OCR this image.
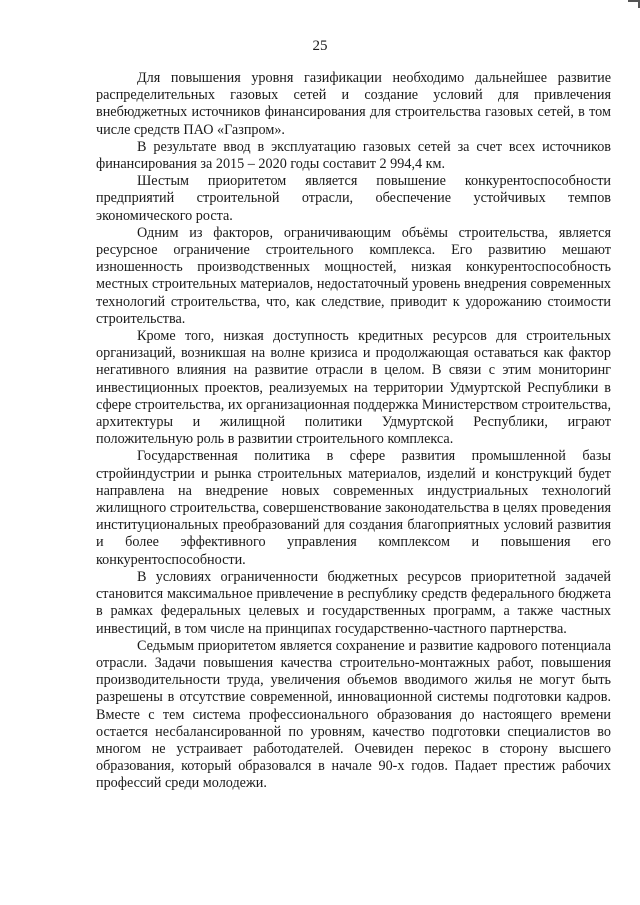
25

Для повышения уровня газификации необходимо дальнейшее развитие распределительных газовых сетей и создание условий для привлечения внебюджетных источников финансирования для строительства газовых сетей, в том числе средств ПАО «Газпром».

В результате ввод в эксплуатацию газовых сетей за счет всех источников финансирования за 2015 – 2020 годы составит 2 994,4 км.

Шестым приоритетом является повышение конкурентоспособности предприятий строительной отрасли, обеспечение устойчивых темпов экономического роста.

Одним из факторов, ограничивающим объёмы строительства, является ресурсное ограничение строительного комплекса. Его развитию мешают изношенность производственных мощностей, низкая конкурентоспособность местных строительных материалов, недостаточный уровень внедрения современных технологий строительства, что, как следствие, приводит к удорожанию стоимости строительства.

Кроме того, низкая доступность кредитных ресурсов для строительных организаций, возникшая на волне кризиса и продолжающая оставаться как фактор негативного влияния на развитие отрасли в целом. В связи с этим мониторинг инвестиционных проектов, реализуемых на территории Удмуртской Республики в сфере строительства, их организационная поддержка Министерством строительства, архитектуры и жилищной политики Удмуртской Республики, играют положительную роль в развитии строительного комплекса.

Государственная политика в сфере развития промышленной базы стройиндустрии и рынка строительных материалов, изделий и конструкций будет направлена на внедрение новых современных индустриальных технологий жилищного строительства, совершенствование законодательства в целях проведения институциональных преобразований для создания благоприятных условий развития и более эффективного управления комплексом и повышения его конкурентоспособности.

В условиях ограниченности бюджетных ресурсов приоритетной задачей становится максимальное привлечение в республику средств федерального бюджета в рамках федеральных целевых и государственных программ, а также частных инвестиций, в том числе на принципах государственно-частного партнерства.

Седьмым приоритетом является сохранение и развитие кадрового потенциала отрасли. Задачи повышения качества строительно-монтажных работ, повышения производительности труда, увеличения объемов вводимого жилья не могут быть разрешены в отсутствие современной, инновационной системы подготовки кадров. Вместе с тем система профессионального образования до настоящего времени остается несбалансированной по уровням, качество подготовки специалистов во многом не устраивает работодателей. Очевиден перекос в сторону высшего образования, который образовался в начале 90-х годов. Падает престиж рабочих профессий среди молодежи.
